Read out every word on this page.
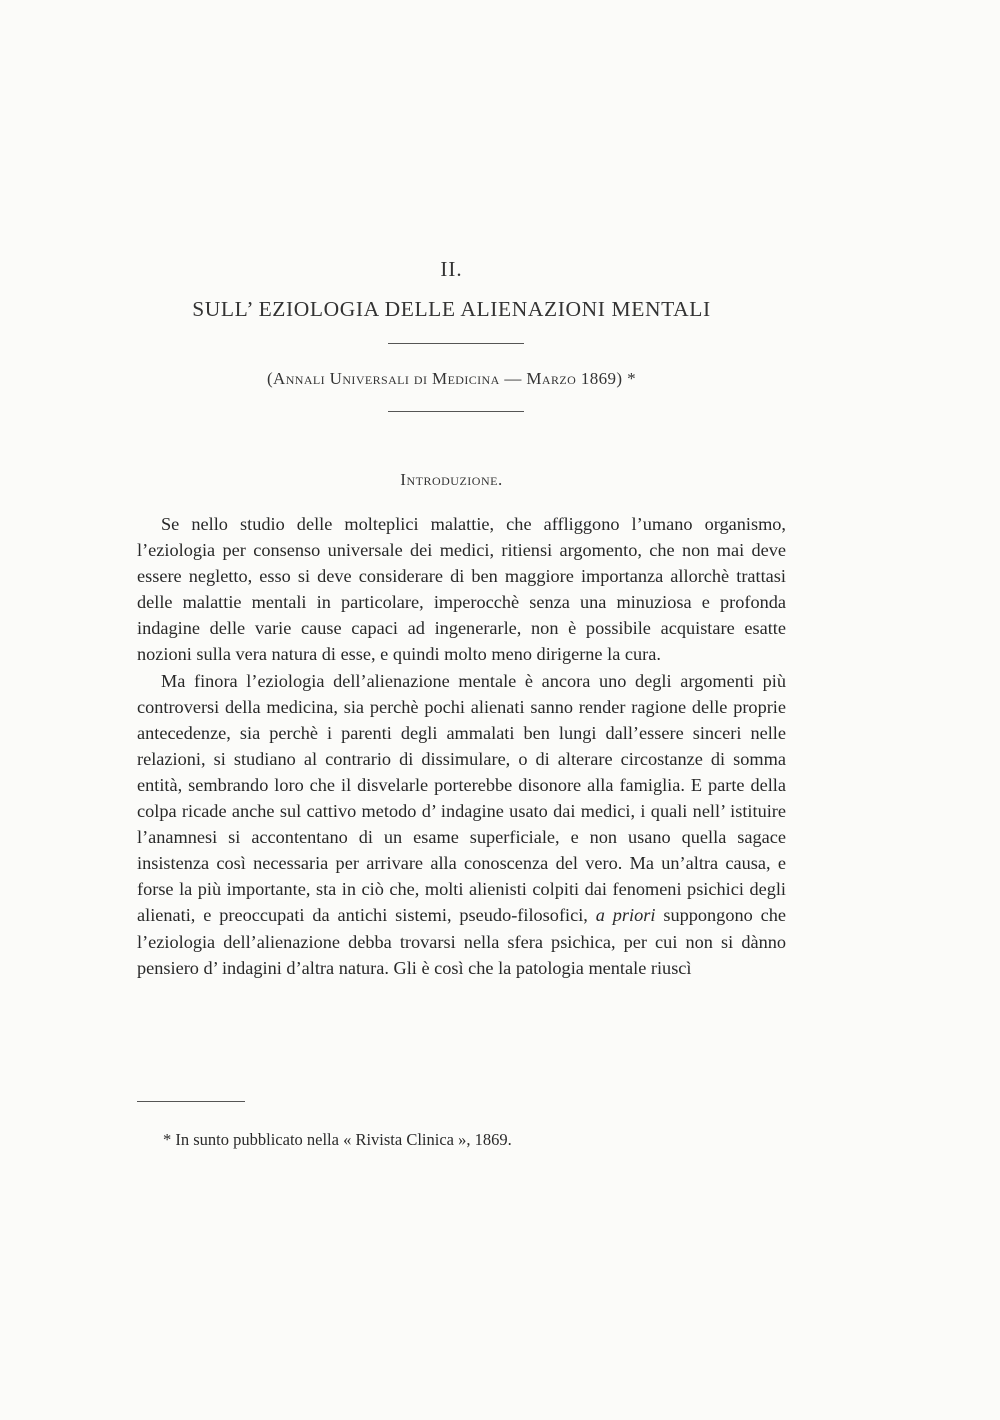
II.
SULL’ EZIOLOGIA DELLE ALIENAZIONI MENTALI
(Annali Universali di Medicina — Marzo 1869) *
Introduzione.

Se nello studio delle molteplici malattie, che affliggono l’umano organismo, l’eziologia per consenso universale dei medici, ritiensi argomento, che non mai deve essere negletto, esso si deve considerare di ben maggiore importanza allorchè trattasi delle malattie mentali in particolare, imperocchè senza una minuziosa e profonda indagine delle varie cause capaci ad ingenerarle, non è possibile acquistare esatte nozioni sulla vera natura di esse, e quindi molto meno dirigerne la cura.

Ma finora l’eziologia dell’alienazione mentale è ancora uno degli argomenti più controversi della medicina, sia perchè pochi alienati sanno render ragione delle proprie antecedenze, sia perchè i parenti degli ammalati ben lungi dall’essere sinceri nelle relazioni, si studiano al contrario di dissimulare, o di alterare circostanze di somma entità, sembrando loro che il disvelarle porterebbe disonore alla famiglia. E parte della colpa ricade anche sul cattivo metodo d’ indagine usato dai medici, i quali nell’ istituire l’anamnesi si accontentano di un esame superficiale, e non usano quella sagace insistenza così necessaria per arrivare alla conoscenza del vero. Ma un’altra causa, e forse la più importante, sta in ciò che, molti alienisti colpiti dai fenomeni psichici degli alienati, e preoccupati da antichi sistemi, pseudo-filosofici, a priori suppongono che l’eziologia dell’alienazione debba trovarsi nella sfera psichica, per cui non si dànno pensiero d’ indagini d’altra natura. Gli è così che la patologia mentale riuscì

* In sunto pubblicato nella « Rivista Clinica », 1869.
